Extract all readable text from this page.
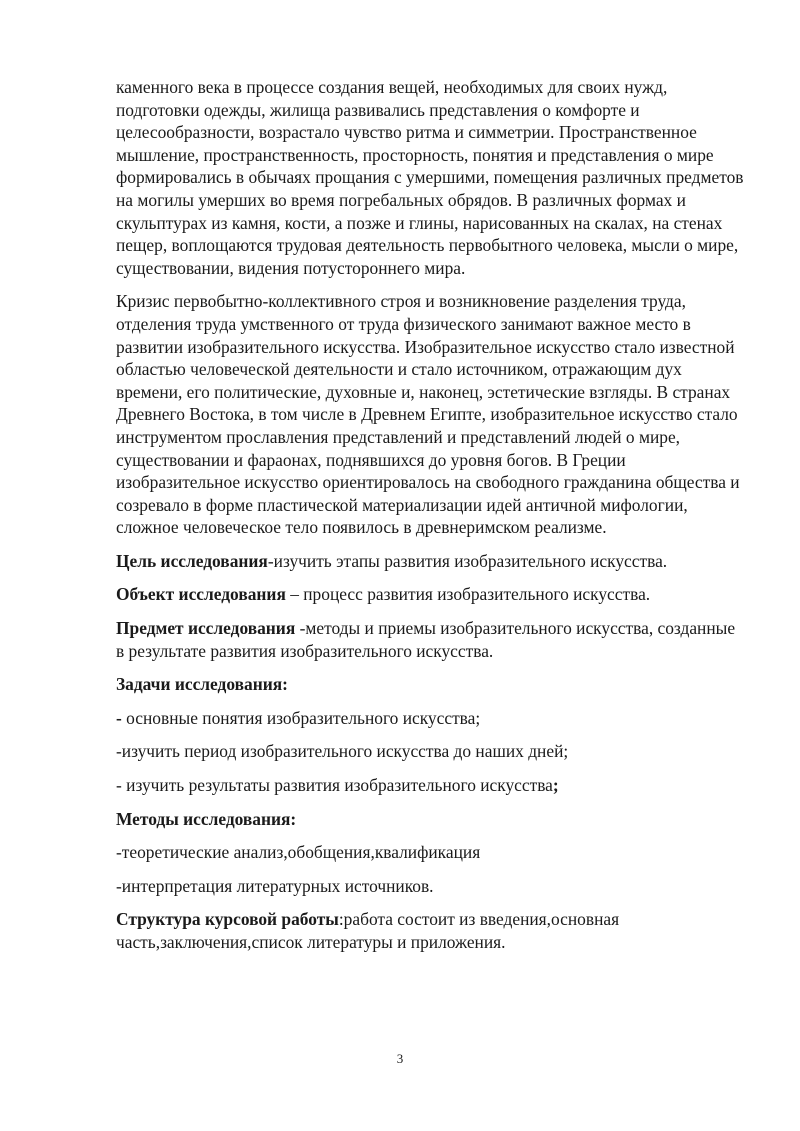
каменного века в процессе создания вещей, необходимых для своих нужд, подготовки одежды, жилища развивались представления о комфорте и целесообразности, возрастало чувство ритма и симметрии. Пространственное мышление, пространственность, просторность, понятия и представления о мире формировались в обычаях прощания с умершими, помещения различных предметов на могилы умерших во время погребальных обрядов. В различных формах и скульптурах из камня, кости, а позже и глины, нарисованных на скалах, на стенах пещер, воплощаются трудовая деятельность первобытного человека, мысли о мире, существовании, видения потустороннего мира.

Кризис первобытно-коллективного строя и возникновение разделения труда, отделения труда умственного от труда физического занимают важное место в развитии изобразительного искусства. Изобразительное искусство стало известной областью человеческой деятельности и стало источником, отражающим дух времени, его политические, духовные и, наконец, эстетические взгляды. В странах Древнего Востока, в том числе в Древнем Египте, изобразительное искусство стало инструментом прославления представлений и представлений людей о мире, существовании и фараонах, поднявшихся до уровня богов. В Греции изобразительное искусство ориентировалось на свободного гражданина общества и созревало в форме пластической материализации идей античной мифологии, сложное человеческое тело появилось в древнеримском реализме.

Цель исследования-изучить этапы развития изобразительного искусства.

Объект исследования – процесс развития изобразительного искусства.

Предмет исследования -методы и приемы изобразительного искусства, созданные в результате развития изобразительного искусства.

Задачи исследования:

- основные понятия изобразительного искусства;

-изучить период изобразительного искусства до наших дней;

- изучить результаты развития изобразительного искусства;

Методы исследования:

-теоретические анализ,обобщения,квалификация

-интерпретация литературных источников.

Структура курсовой работы:работа состоит из введения,основная часть,заключения,список литературы и приложения.

3
